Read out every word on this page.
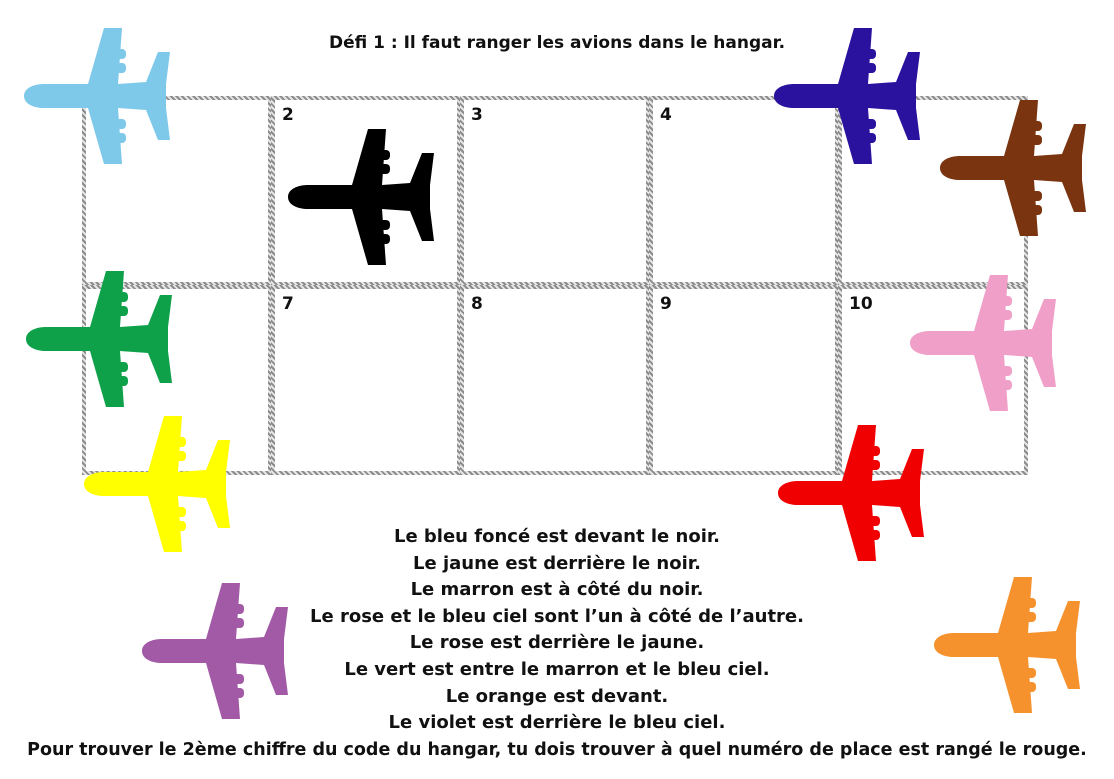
Défi 1 : Il faut ranger les avions dans le hangar.
2	3	4
7	8	9	10
Le bleu foncé est devant le noir.
Le jaune est derrière le noir.
Le marron est à côté du noir.
Le rose et le bleu ciel sont l’un à côté de l’autre.
Le rose est derrière le jaune.
Le vert est entre le marron et le bleu ciel.
Le orange est devant.
Le violet est derrière le bleu ciel.
Pour trouver le 2ème chiffre du code du hangar, tu dois trouver à quel numéro de place est rangé le rouge.
